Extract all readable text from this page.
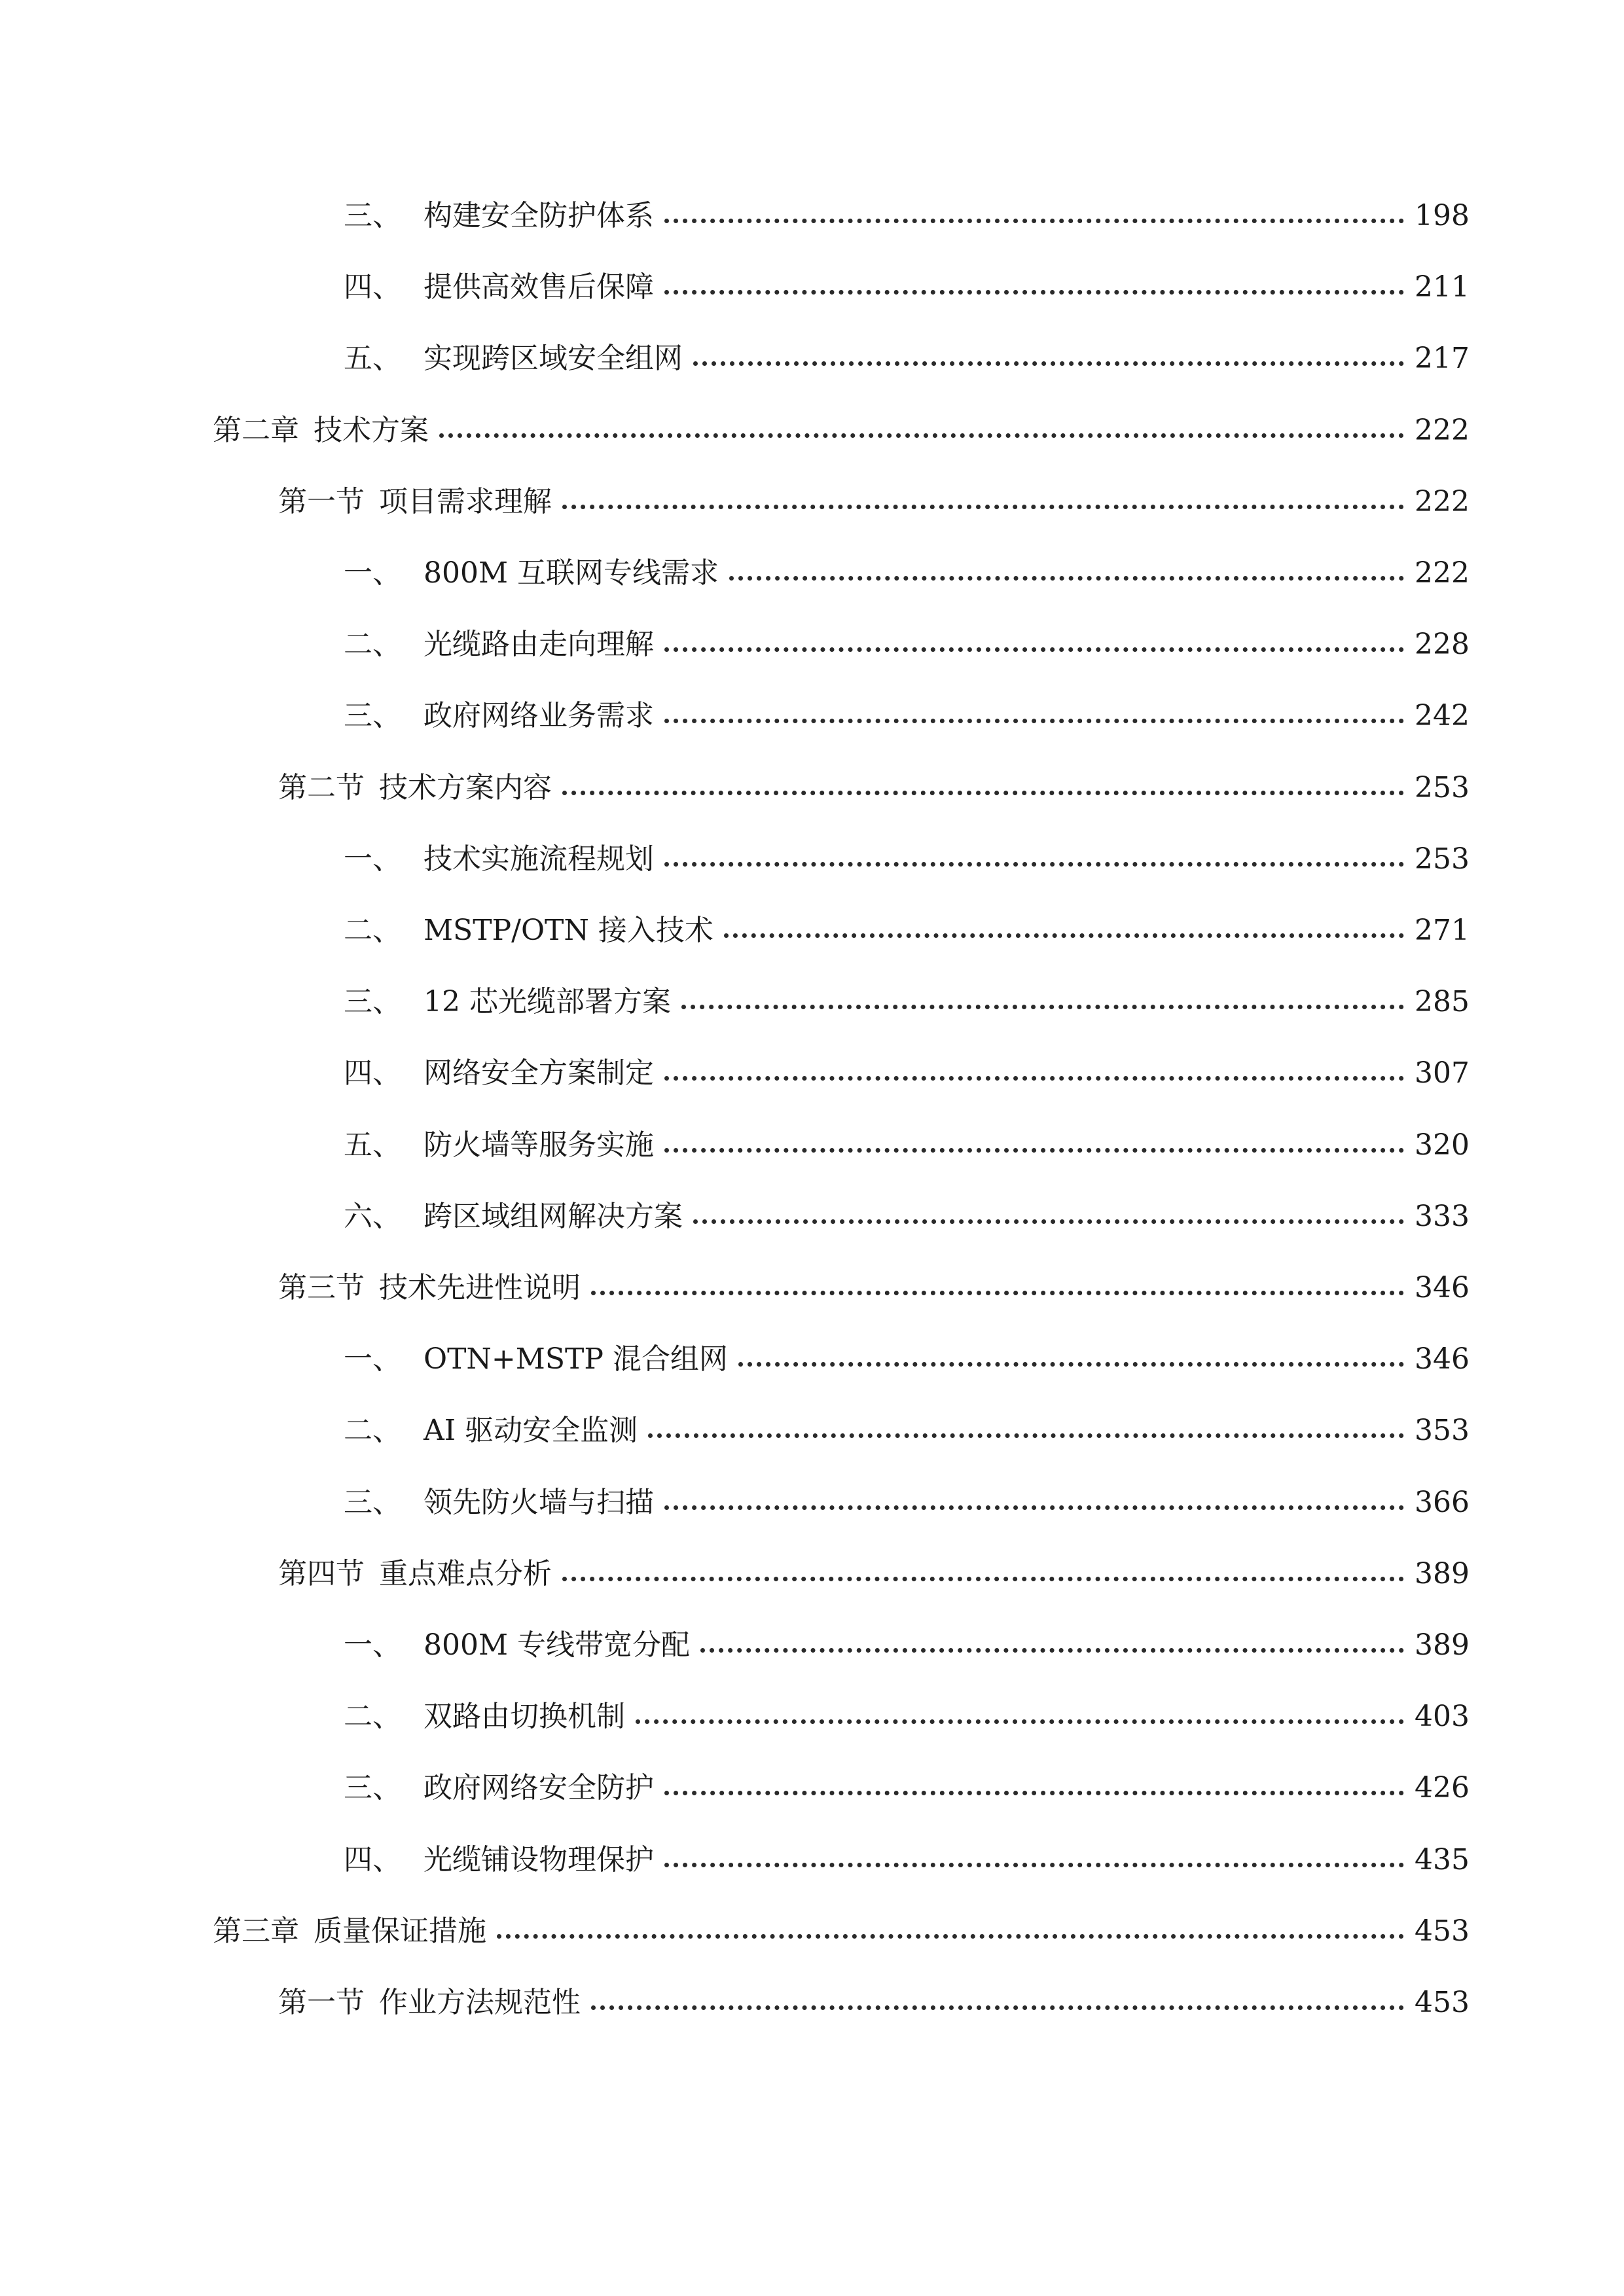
三、 构建安全防护体系	198
四、 提供高效售后保障	211
五、 实现跨区域安全组网	217
第二章 技术方案	222
第一节 项目需求理解	222
一、 800M 互联网专线需求	222
二、 光缆路由走向理解	228
三、 政府网络业务需求	242
第二节 技术方案内容	253
一、 技术实施流程规划	253
二、 MSTP/OTN 接入技术	271
三、 12 芯光缆部署方案	285
四、 网络安全方案制定	307
五、 防火墙等服务实施	320
六、 跨区域组网解决方案	333
第三节 技术先进性说明	346
一、 OTN+MSTP 混合组网	346
二、 AI 驱动安全监测	353
三、 领先防火墙与扫描	366
第四节 重点难点分析	389
一、 800M 专线带宽分配	389
二、 双路由切换机制	403
三、 政府网络安全防护	426
四、 光缆铺设物理保护	435
第三章 质量保证措施	453
第一节 作业方法规范性	453
